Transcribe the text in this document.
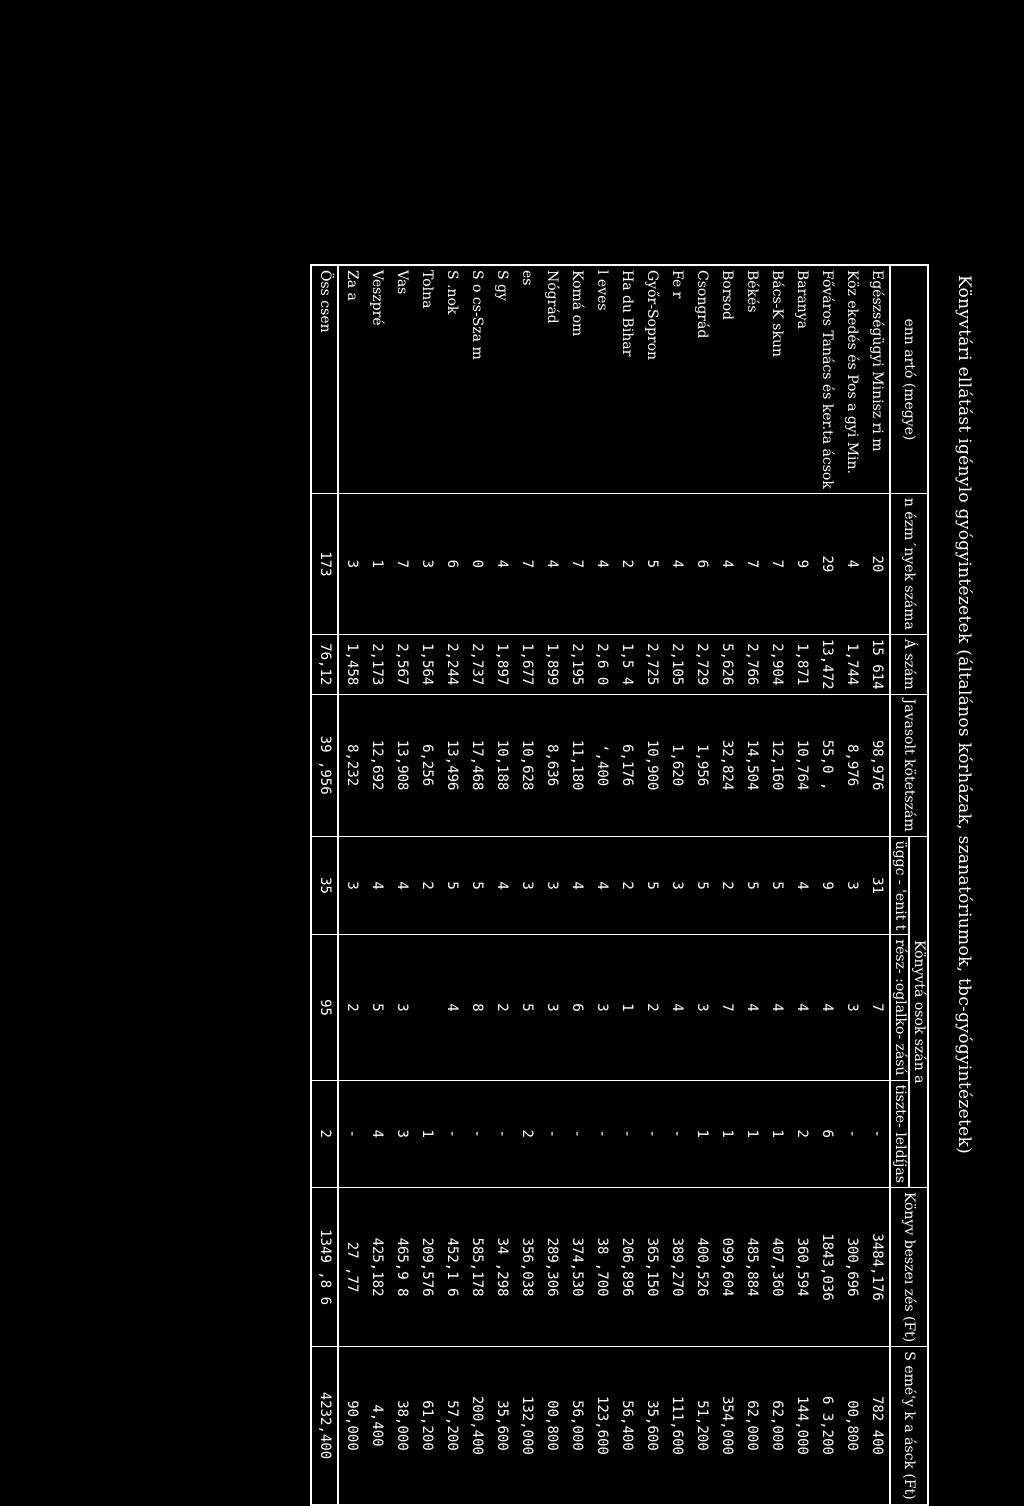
Könyvtári ellátást igénylo gyógyintézetek (általános kórházak, szanatóriumok, tbc-gyógyintézetek)
enn artó (megye)	n ézm´nyek száma	Á szám	Javasolt kötetszám	Könyvtá osok szán a			Könyv beszeı zés (Ft)	S emé'y k a ásck (Ft)
				üggc - 'enit t	rész- :oglalko- zású	tiszte- leldíjas		
Egészségügyi Minisz ri m	20	15 614	98,976	31	7	-	3484,176	782 400
Köz ekedés és Pos a gyi Min.	4	1,744	8,976	3	3	-	300,696	00,800
Főváros Tanács és ker.ta ácsok	29	13,472	55,0 ,	9	4	6	1843,036	6 3,200
Baranya	9	1,871	10,764	4	4	2	360,594	144,000
Bács-K skun	7	2,904	12,160	5	4	1	407,360	62,000
Békés	7	2,766	14,504	5	4	1	485,884	62,000
Borsod	4	5,626	32,824	2	7	1	099,604	354,000
Csongrád	6	2,729	1,956	5	3	1	400,526	51,200
Fe r	4	2,105	1,620	3	4	-	389,270	111,600
Győr-Sopron	5	2,725	10,900	5	2	-	365,150	35,600
Ha du Bihar	2	1,5 4	6,176	2	1	-	206,896	56,400
l eves	4	2,6 0	ʻ,400	4	3	-	38 ,700	123,600
Komá om	7	2,195	11,180	4	6	-	374,530	56,000
Nógrád	4	1,899	8,636	3	3	-	289,306	00,800
es	7	1,677	10,628	3	5	2	356,038	132,000
S gy	4	1,897	10,188	4	2	-	34 ,298	35,600
S o cs-Sza m	0	2,737	17,468	5	8	-	585,178	200,400
S .nok	6	2,244	13,496	5	4	-	452,1 6	57,200
Tolna	3	1,564	6,256	2		1	209,576	61,200
Vas	7	2,567	13,908	4	3	3	465,9 8	38,000
Veszpré	1	2,173	12,692	4	5	4	425,182	4,400
Za a	3	1,458	8,232	3	2	-	27 ,77	90,000
Öss csen	173	76,12	39 ,956	35	95	2	1349 ,8 6	4232,400
